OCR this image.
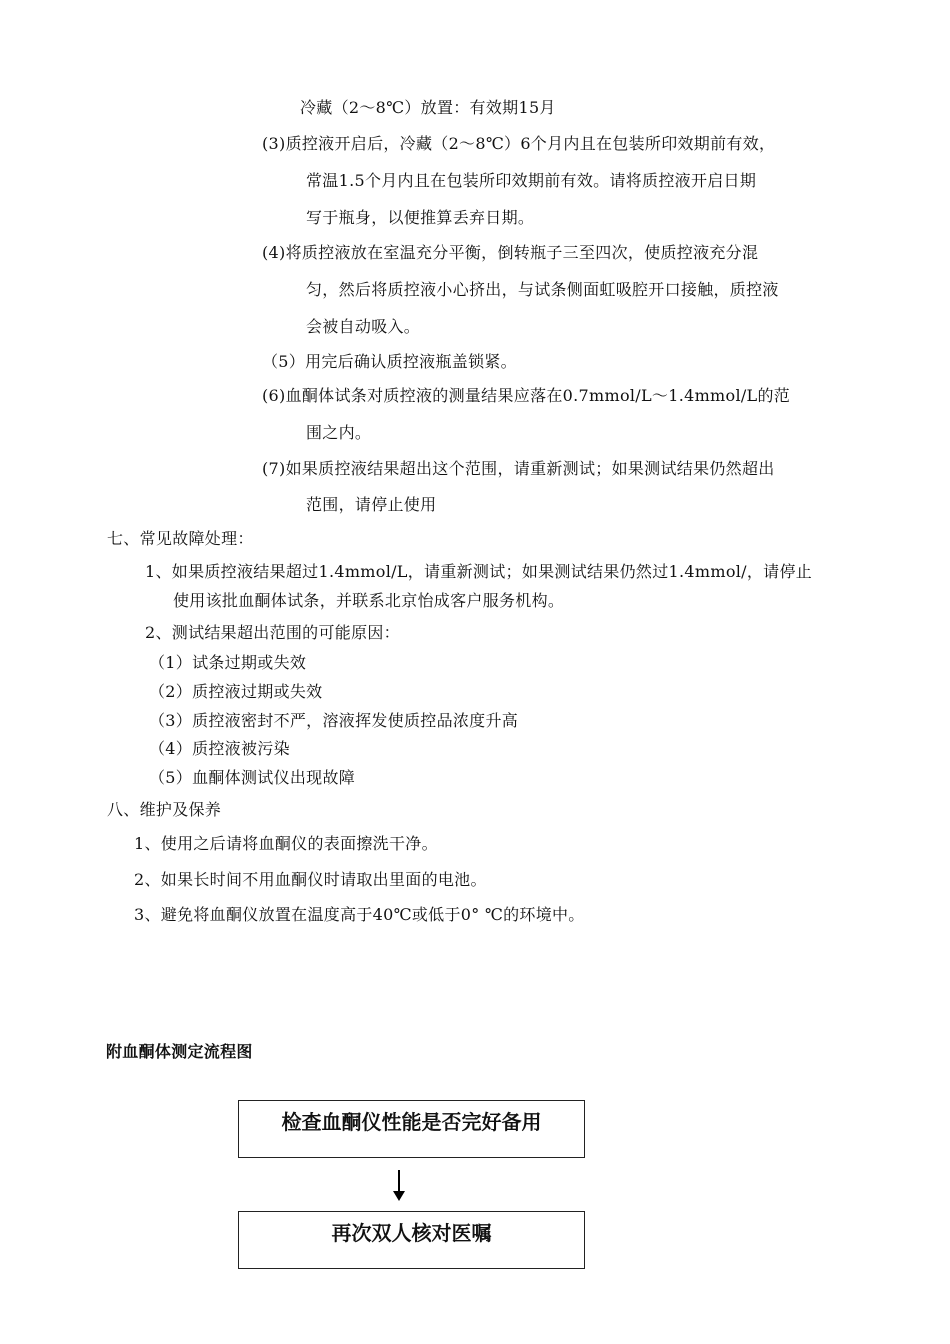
冷藏（2～8℃）放置：有效期15月
(3)质控液开启后，冷藏（2～8℃）6个月内且在包装所印效期前有效，
常温1.5个月内且在包装所印效期前有效。请将质控液开启日期
写于瓶身，以便推算丢弃日期。
(4)将质控液放在室温充分平衡，倒转瓶子三至四次，使质控液充分混
匀，然后将质控液小心挤出，与试条侧面虹吸腔开口接触，质控液
会被自动吸入。
（5）用完后确认质控液瓶盖锁紧。
(6)血酮体试条对质控液的测量结果应落在0.7mmol/L～1.4mmol/L的范
围之内。
(7)如果质控液结果超出这个范围，请重新测试；如果测试结果仍然超出
范围，请停止使用
七、常见故障处理：
1、如果质控液结果超过1.4mmol/L，请重新测试；如果测试结果仍然过1.4mmol/，请停止
使用该批血酮体试条，并联系北京怡成客户服务机构。
2、测试结果超出范围的可能原因：
（1）试条过期或失效
（2）质控液过期或失效
（3）质控液密封不严，溶液挥发使质控品浓度升高
（4）质控液被污染
（5）血酮体测试仪出现故障
八、维护及保养
1、使用之后请将血酮仪的表面擦洗干净。
2、如果长时间不用血酮仪时请取出里面的电池。
3、避免将血酮仪放置在温度高于40℃或低于0° ℃的环境中。
附血酮体测定流程图
检查血酮仪性能是否完好备用
再次双人核对医嘱
